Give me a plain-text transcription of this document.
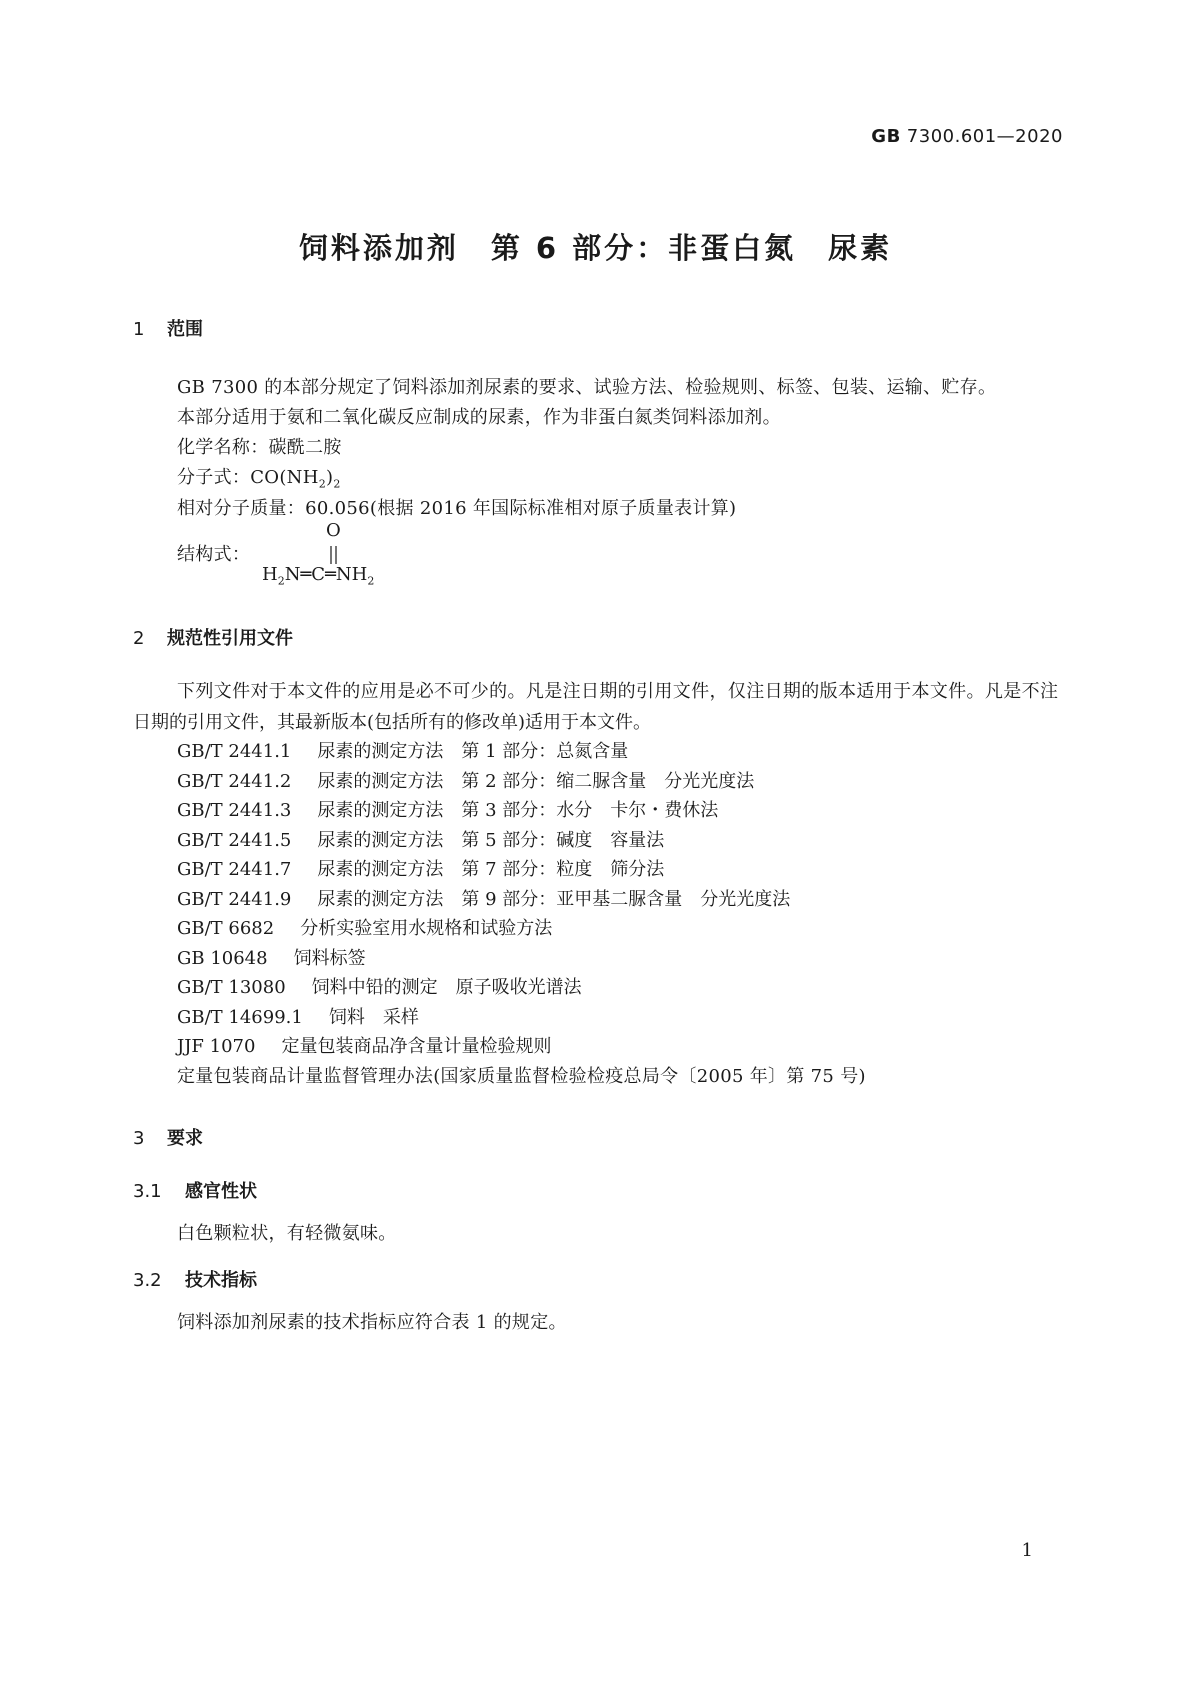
GB 7300.601—2020
饲料添加剂　第 6 部分：非蛋白氮　尿素
1 范围
GB 7300 的本部分规定了饲料添加剂尿素的要求、试验方法、检验规则、标签、包装、运输、贮存。
本部分适用于氨和二氧化碳反应制成的尿素，作为非蛋白氮类饲料添加剂。
化学名称：碳酰二胺
分子式：$CO(NH_2)_2$
相对分子质量：60.056(根据 2016 年国际标准相对原子质量表计算)
结构式：
O
$H_2N═C═NH_2$
2 规范性引用文件
下列文件对于本文件的应用是必不可少的。凡是注日期的引用文件，仅注日期的版本适用于本文件。凡是不注日期的引用文件，其最新版本(包括所有的修改单)适用于本文件。
GB/T 2441.1 尿素的测定方法　第 1 部分：总氮含量
GB/T 2441.2 尿素的测定方法　第 2 部分：缩二脲含量　分光光度法
GB/T 2441.3 尿素的测定方法　第 3 部分：水分　卡尔・费休法
GB/T 2441.5 尿素的测定方法　第 5 部分：碱度　容量法
GB/T 2441.7 尿素的测定方法　第 7 部分：粒度　筛分法
GB/T 2441.9 尿素的测定方法　第 9 部分：亚甲基二脲含量　分光光度法
GB/T 6682 分析实验室用水规格和试验方法
GB 10648 饲料标签
GB/T 13080 饲料中铅的测定　原子吸收光谱法
GB/T 14699.1 饲料　采样
JJF 1070 定量包装商品净含量计量检验规则
定量包装商品计量监督管理办法(国家质量监督检验检疫总局令〔2005 年〕第 75 号)
3 要求
3.1 感官性状
白色颗粒状，有轻微氨味。
3.2 技术指标
饲料添加剂尿素的技术指标应符合表 1 的规定。
1
